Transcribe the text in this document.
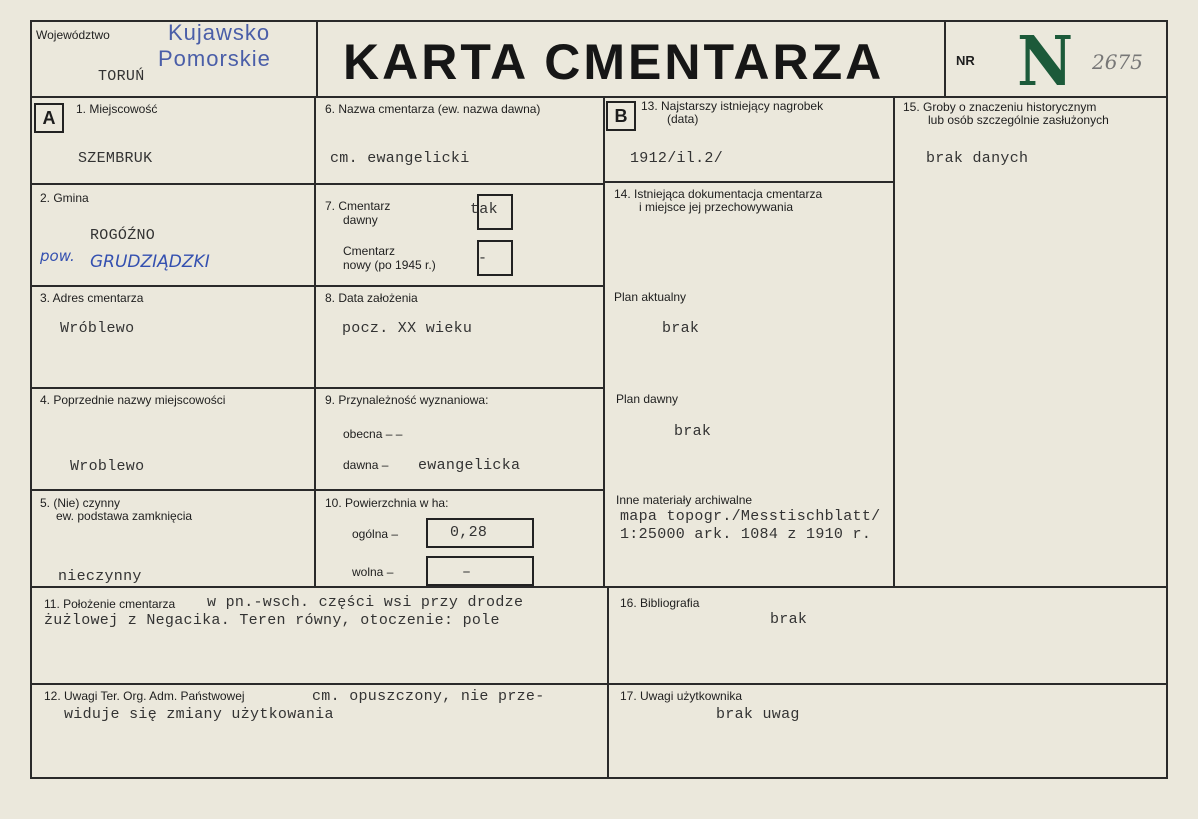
Województwo
TORUŃ
Kujawsko
Pomorskie KARTA CMENTARZA	NR N 2675
A	B
1. Miejscowość
SZEMBRUK
2. Gmina
ROGÓŹNO
pow. GRUDZIĄDZKI
3. Adres cmentarza
Wróblewo
4. Poprzednie nazwy miejscowości
Wroblewo
5. (Nie) czynny
ew. podstawa zamknięcia
nieczynny
6. Nazwa cmentarza (ew. nazwa dawna)
cm. ewangelicki
7. Cmentarz
dawny
tak
Cmentarz
nowy (po 1945 r.)	-
8. Data założenia
pocz. XX wieku
9. Przynależność wyznaniowa:
obecna – –
dawna – ewangelicka
10. Powierzchnia w ha:
ogólna –	0,28
wolna –	–
13. Najstarszy istniejący nagrobek
(data)
1912/il.2/
14. Istniejąca dokumentacja cmentarza
i miejsce jej przechowywania
Plan aktualny
brak
Plan dawny
brak
Inne materiały archiwalne
mapa topogr./Messtischblatt/
1:25000 ark. 1084 z 1910 r.
15. Groby o znaczeniu historycznym
lub osób szczególnie zasłużonych
brak danych
11. Położenie cmentarza w pn.-wsch. części wsi przy drodze
żużlowej z Negacika. Teren równy, otoczenie: pole
16. Bibliografia
brak
12. Uwagi Ter. Org. Adm. Państwowej	cm. opuszczony, nie prze-
widuje się zmiany użytkowania
17. Uwagi użytkownika
brak uwag
